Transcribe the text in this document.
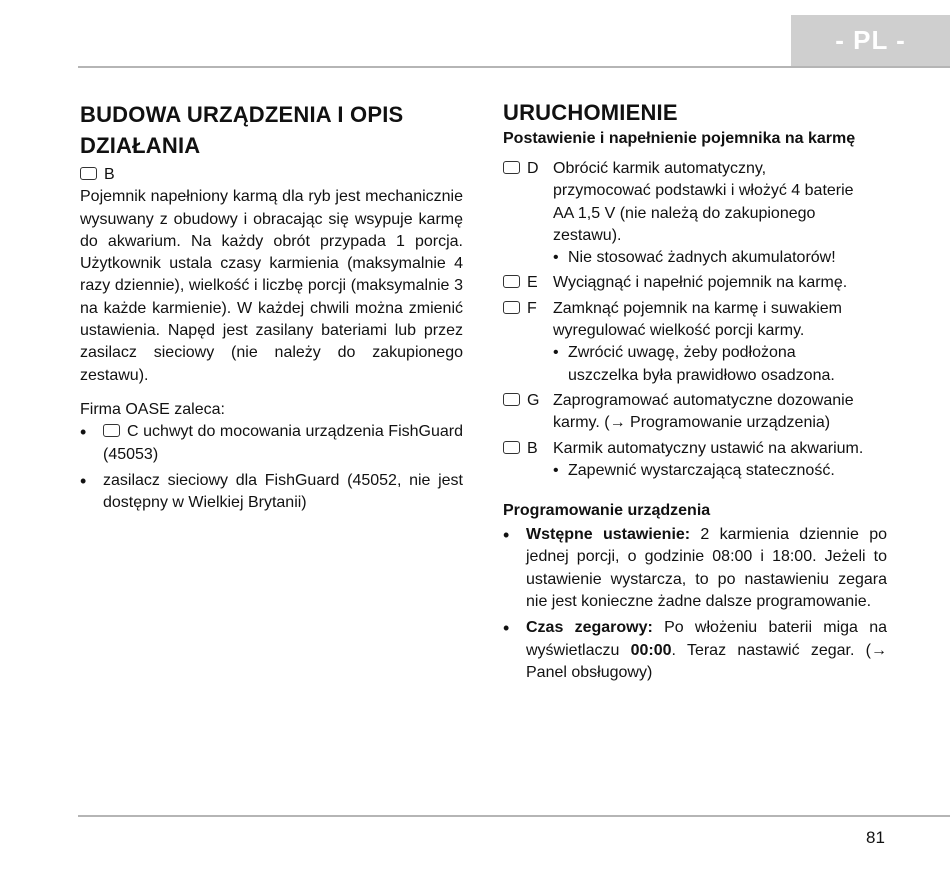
- PL -
BUDOWA URZĄDZENIA I OPIS
DZIAŁANIA
B

Pojemnik napełniony karmą dla ryb jest mechanicznie wysuwany z obudowy i obracając się wsypuje karmę do akwarium. Na każdy obrót przypada 1 porcja. Użytkownik ustala czasy karmienia (maksymalnie 4 razy dziennie), wielkość i liczbę porcji (maksymalnie 3 na każde karmienie). W każdej chwili można zmienić ustawienia. Napęd jest zasilany bateriami lub przez zasilacz sieciowy (nie należy do zakupionego zestawu).

Firma OASE zaleca:

• C uchwyt do mocowania urządzenia FishGuard (45053)
• zasilacz sieciowy dla FishGuard (45052, nie jest dostępny w Wielkiej Brytanii)
URUCHOMIENIE
Postawienie i napełnienie pojemnika na karmę
D Obrócić karmik automatyczny, przymocować podstawki i włożyć 4 baterie AA 1,5 V (nie należą do zakupionego zestawu).
• Nie stosować żadnych akumulatorów!
E Wyciągnąć i napełnić pojemnik na karmę.
F	Zamknąć pojemnik na karmę i suwakiem wyregulować wielkość porcji karmy.
• Zwrócić uwagę, żeby podłożona uszczelka była prawidłowo osadzona.
G Zaprogramować automatyczne dozowanie karmy. (→ Programowanie urządzenia)
B Karmik automatyczny ustawić na akwarium.
• Zapewnić wystarczającą stateczność.
Programowanie urządzenia
• Wstępne ustawienie: 2 karmienia dziennie po jednej porcji, o godzinie 08:00 i 18:00. Jeżeli to ustawienie wystarcza, to po nastawieniu zegara nie jest konieczne żadne dalsze programowanie.
• Czas zegarowy: Po włożeniu baterii miga na wyświetlaczu 00:00. Teraz nastawić zegar. (→ Panel obsługowy)
81
